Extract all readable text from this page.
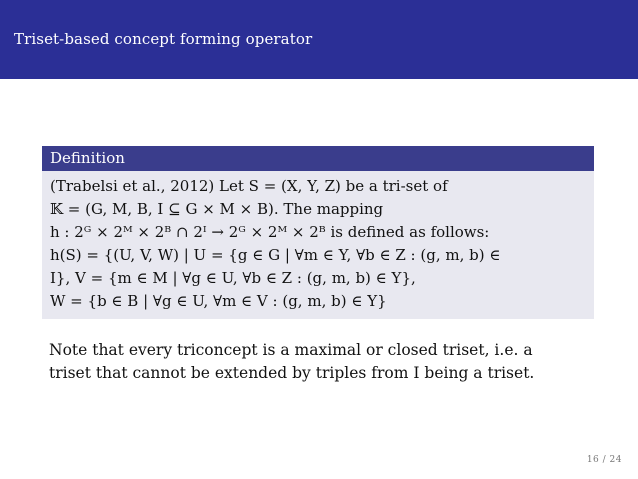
Triset-based concept forming operator
Definition
(Trabelsi et al., 2012) Let S = (X, Y, Z) be a tri-set of
𝕂 = (G, M, B, I ⊆ G × M × B). The mapping
h : 2ᴳ × 2ᴹ × 2ᴮ ∩ 2ᴵ → 2ᴳ × 2ᴹ × 2ᴮ is defined as follows:
h(S) = {(U, V, W) | U = {g ∈ G | ∀m ∈ Y, ∀b ∈ Z : (g, m, b) ∈
I}, V = {m ∈ M | ∀g ∈ U, ∀b ∈ Z : (g, m, b) ∈ Y},
W = {b ∈ B | ∀g ∈ U, ∀m ∈ V : (g, m, b) ∈ Y}
Note that every triconcept is a maximal or closed triset, i.e. a
triset that cannot be extended by triples from I being a triset.
16 / 24
